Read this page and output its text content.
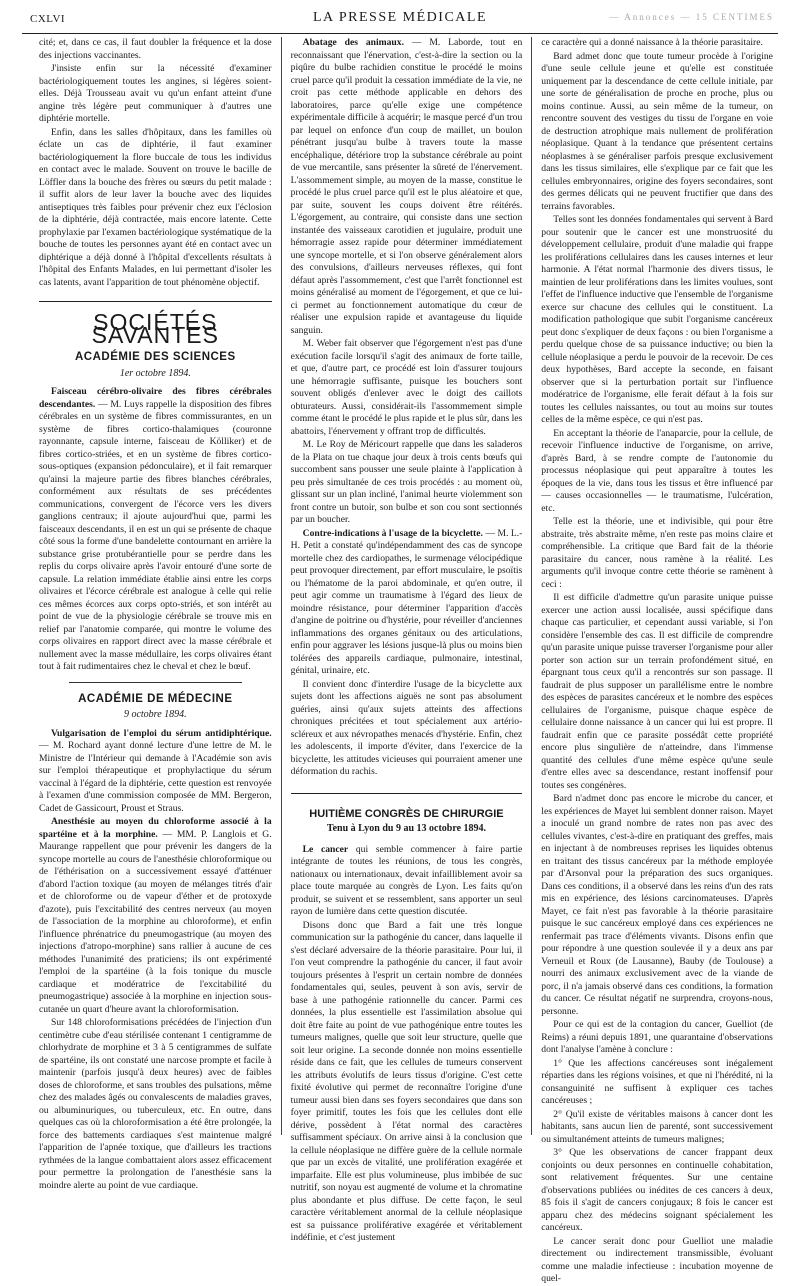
CXLVI	LA PRESSE MÉDICALE	— Annonces — 15 CENTIMES

cité; et, dans ce cas, il faut doubler la fréquence et la dose des injections vaccinantes.

J'insiste enfin sur la nécessité d'examiner bactériologiquement toutes les angines, si légères soient-elles. Déjà Trousseau avait vu qu'un enfant atteint d'une angine très légère peut communiquer à d'autres une diphtérie mortelle.

Enfin, dans les salles d'hôpitaux, dans les familles où éclate un cas de diphtérie, il faut examiner bactériologiquement la flore buccale de tous les individus en contact avec le malade. Souvent on trouve le bacille de Löffler dans la bouche des frères ou sœurs du petit malade : il suffit alors de leur laver la bouche avec des liquides antiseptiques très faibles pour prévenir chez eux l'éclosion de la diphtérie, déjà contractée, mais encore latente. Cette prophylaxie par l'examen bactériologique systématique de la bouche de toutes les personnes ayant été en contact avec un diphtérique a déjà donné à l'hôpital d'excellents résultats à l'hôpital des Enfants Malades, en lui permettant d'isoler les cas latents, avant l'apparition de tout phénomène objectif.

SOCIÉTÉS SAVANTES
ACADÉMIE DES SCIENCES
1er octobre 1894.

Faisceau cérébro-olivaire des fibres cérébrales descendantes. — M. Luys rappelle la disposition des fibres cérébrales en un système de fibres commissurantes, en un système de fibres cortico-thalamiques (couronne rayonnante, capsule interne, faisceau de Kölliker) et de fibres cortico-striées, et en un système de fibres cortico-sous-optiques (expansion pédonculaire), et il fait remarquer qu'ainsi la majeure partie des fibres blanches cérébrales, conformément aux résultats de ses précédentes communications, convergent de l'écorce vers les divers ganglions centraux; il ajoute aujourd'hui que, parmi les faisceaux descendants, il en est un qui se présente de chaque côté sous la forme d'une bandelette contournant en arrière la substance grise protubérantielle pour se perdre dans les replis du corps olivaire après l'avoir entouré d'une sorte de capsule. La relation immédiate établie ainsi entre les corps olivaires et l'écorce cérébrale est analogue à celle qui relie ces mêmes écorces aux corps opto-striés, et son intérêt au point de vue de la physiologie cérébrale se trouve mis en relief par l'anatomie comparée, qui montre le volume des corps olivaires en rapport direct avec la masse cérébrale et nullement avec la masse médullaire, les corps olivaires étant tout à fait rudimentaires chez le cheval et chez le bœuf.

ACADÉMIE DE MÉDECINE
9 octobre 1894.

Vulgarisation de l'emploi du sérum antidiphtérique. — M. Rochard ayant donné lecture d'une lettre de M. le Ministre de l'Intérieur qui demande à l'Académie son avis sur l'emploi thérapeutique et prophylactique du sérum vaccinal à l'égard de la diphtérie, cette question est renvoyée à l'examen d'une commission composée de MM. Bergeron, Cadet de Gassicourt, Proust et Straus.

Anesthésie au moyen du chloroforme associé à la spartéine et à la morphine. — MM. P. Langlois et G. Maurange rappellent que pour prévenir les dangers de la syncope mortelle au cours de l'anesthésie chloroformique ou de l'éthérisation on a successivement essayé d'atténuer d'abord l'action toxique (au moyen de mélanges titrés d'air et de chloroforme ou de vapeur d'éther et de protoxyde d'azote), puis l'excitabilité des centres nerveux (au moyen de l'association de la morphine au chloroforme), et enfin l'influence phrénatrice du pneumogastrique (au moyen des injections d'atropo-morphine) sans rallier à aucune de ces méthodes l'unanimité des praticiens; ils ont expérimenté l'emploi de la spartéine (à la fois tonique du muscle cardiaque et modératrice de l'excitabilité du pneumogastrique) associée à la morphine en injection sous-cutanée un quart d'heure avant la chloroformisation.

Sur 148 chloroformisations précédées de l'injection d'un centimètre cube d'eau stérilisée contenant 1 centigramme de chlorhydrate de morphine et 3 à 5 centigrammes de sulfate de spartéine, ils ont constaté une narcose prompte et facile à maintenir (parfois jusqu'à deux heures) avec de faibles doses de chloroforme, et sans troubles des pulsations, même chez des malades âgés ou convalescents de maladies graves, ou albuminuriques, ou tuberculeux, etc. En outre, dans quelques cas où la chloroformisation a été être prolongée, la force des battements cardiaques s'est maintenue malgré l'apparition de l'apnée toxique, que d'ailleurs les tractions rythmées de la langue combattaient alors assez efficacement pour permettre la prolongation de l'anesthésie sans la moindre alerte au point de vue cardiaque.

Abatage des animaux. — M. Laborde, tout en reconnaissant que l'énervation, c'est-à-dire la section ou la piqûre du bulbe rachidien constitue le procédé le moins cruel parce qu'il produit la cessation immédiate de la vie, ne croit pas cette méthode applicable en dehors des laboratoires, parce qu'elle exige une compétence expérimentale difficile à acquérir; le masque percé d'un trou par lequel on enfonce d'un coup de maillet, un boulon pénétrant jusqu'au bulbe à travers toute la masse encéphalique, détériore trop la substance cérébrale au point de vue mercantile, sans présenter la sûreté de l'énervement. L'assommement simple, au moyen de la masse, constitue le procédé le plus cruel parce qu'il est le plus aléatoire et que, par suite, souvent les coups doivent être réitérés. L'égorgement, au contraire, qui consiste dans une section instantée des vaisseaux carotidien et jugulaire, produit une hémorragie assez rapide pour déterminer immédiatement une syncope mortelle, et si l'on observe généralement alors des convulsions, d'ailleurs nerveuses réflexes, qui font défaut après l'assommement, c'est que l'arrêt fonctionnel est moins généralisé au moment de l'égorgement, et que ce lui-ci permet au fonctionnement automatique du cœur de réaliser une expulsion rapide et avantageuse du liquide sanguin.

M. Weber fait observer que l'égorgement n'est pas d'une exécution facile lorsqu'il s'agit des animaux de forte taille, et que, d'autre part, ce procédé est loin d'assurer toujours une hémorragie suffisante, puisque les bouchers sont souvent obligés d'enlever avec le doigt des caillots obturateurs. Aussi, considérait-ils l'assommement simple comme étant le procédé le plus rapide et le plus sûr, dans les abattoirs, l'énervement y offrant trop de difficultés.

M. Le Roy de Méricourt rappelle que dans les saladeros de la Plata on tue chaque jour deux à trois cents bœufs qui succombent sans pousser une seule plainte à l'application à peu près simultanée de ces trois procédés : au moment où, glissant sur un plan incliné, l'animal heurte violemment son front contre un butoir, son bulbe et son cou sont sectionnés par un boucher.

Contre-indications à l'usage de la bicyclette. — M. L.-H. Petit a constaté qu'indépendamment des cas de syncope mortelle chez des cardiopathes, le surmenage vélocipédique peut provoquer directement, par effort musculaire, le psoïtis ou l'hématome de la paroi abdominale, et qu'en outre, il peut agir comme un traumatisme à l'égard des lieux de moindre résistance, pour déterminer l'apparition d'accès d'angine de poitrine ou d'hystérie, pour réveiller d'anciennes inflammations des organes génitaux ou des articulations, enfin pour aggraver les lésions jusque-là plus ou moins bien tolérées des appareils cardiaque, pulmonaire, intestinal, génital, urinaire, etc.

Il convient donc d'interdire l'usage de la bicyclette aux sujets dont les affections aiguës ne sont pas absolument guéries, ainsi qu'aux sujets atteints des affections chroniques précitées et tout spécialement aux artério-scléreux et aux névropathes menacés d'hystérie. Enfin, chez les adolescents, il importe d'éviter, dans l'exercice de la bicyclette, les attitudes vicieuses qui pourraient amener une déformation du rachis.

HUITIÈME CONGRÈS DE CHIRURGIE
Tenu à Lyon du 9 au 13 octobre 1894.

Le cancer qui semble commencer à faire partie intégrante de toutes les réunions, de tous les congrès, nationaux ou internationaux, devait infailliblement avoir sa place toute marquée au congrès de Lyon. Les faits qu'on produit, se suivent et se ressemblent, sans apporter un seul rayon de lumière dans cette question discutée.

Disons donc que Bard a fait une très longue communication sur la pathogénie du cancer, dans laquelle il s'est déclaré adversaire de la théorie parasitaire. Pour lui, il l'on veut comprendre la pathogénie du cancer, il faut avoir toujours présentes à l'esprit un certain nombre de données fondamentales qui, seules, peuvent à son avis, servir de base à une pathogénie rationnelle du cancer. Parmi ces données, la plus essentielle est l'assimilation absolue qui doit être faite au point de vue pathogénique entre toutes les tumeurs malignes, quelle que soit leur structure, quelle que soit leur origine. La seconde donnée non moins essentielle réside dans ce fait, que les cellules de tumeurs conservent les attributs évolutifs de leurs tissus d'origine. C'est cette fixité évolutive qui permet de reconnaître l'origine d'une tumeur aussi bien dans ses foyers secondaires que dans son foyer primitif, toutes les fois que les cellules dont elle dérive, possèdent à l'état normal des caractères suffisamment spéciaux. On arrive ainsi à la conclusion que la cellule néoplasique ne diffère guère de la cellule normale que par un excès de vitalité, une prolifération exagérée et imparfaite. Elle est plus volumineuse, plus imbibée de suc nutritif, son noyau est augmenté de volume et la chromatine plus abondante et plus diffuse. De cette façon, le seul caractère véritablement anormal de la cellule néoplasique est sa puissance proliférative exagérée et véritablement indéfinie, et c'est justement

ce caractère qui a donné naissance à la théorie parasitaire.

Bard admet donc que toute tumeur procède à l'origine d'une seule cellule jeune et qu'elle est constituée uniquement par la descendance de cette cellule initiale, par une sorte de généralisation de proche en proche, plus ou moins continue. Aussi, au sein même de la tumeur, on rencontre souvent des vestiges du tissu de l'organe en voie de destruction atrophique mais nullement de prolifération néoplasique. Quant à la tendance que présentent certains néoplasmes à se généraliser parfois presque exclusivement dans les tissus similaires, elle s'explique par ce fait que les cellules embryonnaires, origine des foyers secondaires, sont des germes délicats qui ne peuvent fructifier que dans des terrains favorables.

Telles sont les données fondamentales qui servent à Bard pour soutenir que le cancer est une monstruosité du développement cellulaire, produit d'une maladie qui frappe les proliférations cellulaires dans les causes internes et leur harmonie. A l'état normal l'harmonie des divers tissus, le maintien de leur proliférations dans les limites voulues, sont l'effet de l'influence inductive que l'ensemble de l'organisme exerce sur chacune des cellules qui le constituent. La modification pathologique que subit l'organisme cancéreux peut donc s'expliquer de deux façons : ou bien l'organisme a perdu quelque chose de sa puissance inductive; ou bien la cellule néoplasique a perdu le pouvoir de la recevoir. De ces deux hypothèses, Bard accepte la seconde, en faisant observer que si la perturbation portait sur l'influence modératrice de l'organisme, elle ferait défaut à la fois sur toutes les cellules naissantes, ou tout au moins sur toutes celles de la même espèce, ce qui n'est pas.

En acceptant la théorie de l'anaparcie, pour la cellule, de recevoir l'influence inductive de l'organisme, on arrive, d'après Bard, à se rendre compte de l'autonomie du processus néoplasique qui peut apparaître à toutes les époques de la vie, dans tous les tissus et être influencé par — causes occasionnelles — le traumatisme, l'ulcération, etc.

Telle est la théorie, une et indivisible, qui pour être abstraite, très abstraite même, n'en reste pas moins claire et compréhensible. La critique que Bard fait de la théorie parasitaire du cancer, nous ramène à la réalité. Les arguments qu'il invoque contre cette théorie se ramènent à ceci :

Il est difficile d'admettre qu'un parasite unique puisse exercer une action aussi localisée, aussi spécifique dans chaque cas particulier, et cependant aussi variable, si l'on considère l'ensemble des cas. Il est difficile de comprendre qu'un parasite unique puisse traverser l'organisme pour aller porter son action sur un terrain profondément situé, en épargnant tous ceux qu'il a rencontrés sur son passage. Il faudrait de plus supposer un parallélisme entre le nombre des espèces de parasites cancéreux et le nombre des espèces cellulaires de l'organisme, puisque chaque espèce de cellulaire donne naissance à un cancer qui lui est propre. Il faudrait enfin que ce parasite possédât cette propriété encore plus singulière de n'atteindre, dans l'immense quantité des cellules d'une même espèce qu'une seule d'entre elles avec sa descendance, restant inoffensif pour toutes ses congénères.

Bard n'admet donc pas encore le microbe du cancer, et les expériences de Mayet lui semblent donner raison. Mayet a inoculé un grand nombre de rates non pas avec des cellules vivantes, c'est-à-dire en pratiquant des greffes, mais en injectant à de nombreuses reprises les liquides obtenus en traitant des tissus cancéreux par la méthode employée par d'Arsonval pour la préparation des sucs organiques. Dans ces conditions, il a observé dans les reins d'un des rats mis en expérience, des lésions carcinomateuses. D'après Mayet, ce fait n'est pas favorable à la théorie parasitaire puisque le suc cancéreux employé dans ces expériences ne renfermait pas trace d'éléments vivants. Disons enfin que pour répondre à une question soulevée il y a deux ans par Verneuil et Roux (de Lausanne), Bauby (de Toulouse) a nourri des animaux exclusivement avec de la viande de porc, il n'a jamais observé dans ces conditions, la formation du cancer. Ce résultat négatif ne surprendra, croyons-nous, personne.

Pour ce qui est de la contagion du cancer, Guelliot (de Reims) a réuni depuis 1891, une quarantaine d'observations dont l'analyse l'amène à conclure :

1° Que les affections cancéreuses sont inégalement réparties dans les régions voisines, et que ni l'hérédité, ni la consanguinité ne suffisent à expliquer ces taches cancéreuses ;

2° Qu'il existe de véritables maisons à cancer dont les habitants, sans aucun lien de parenté, sont successivement ou simultanément atteints de tumeurs malignes;

3° Que les observations de cancer frappant deux conjoints ou deux personnes en continuelle cohabitation, sont relativement fréquentes. Sur une centaine d'observations publiées ou inédites de ces cancers à deux, 85 fois il s'agit de cancers conjugaux; 8 fois le cancer est apparu chez des médecins soignant spécialement les cancéreux.

Le cancer serait donc pour Guelliot une maladie directement ou indirectement transmissible, évoluant comme une maladie infectieuse : incubation moyenne de quel-
